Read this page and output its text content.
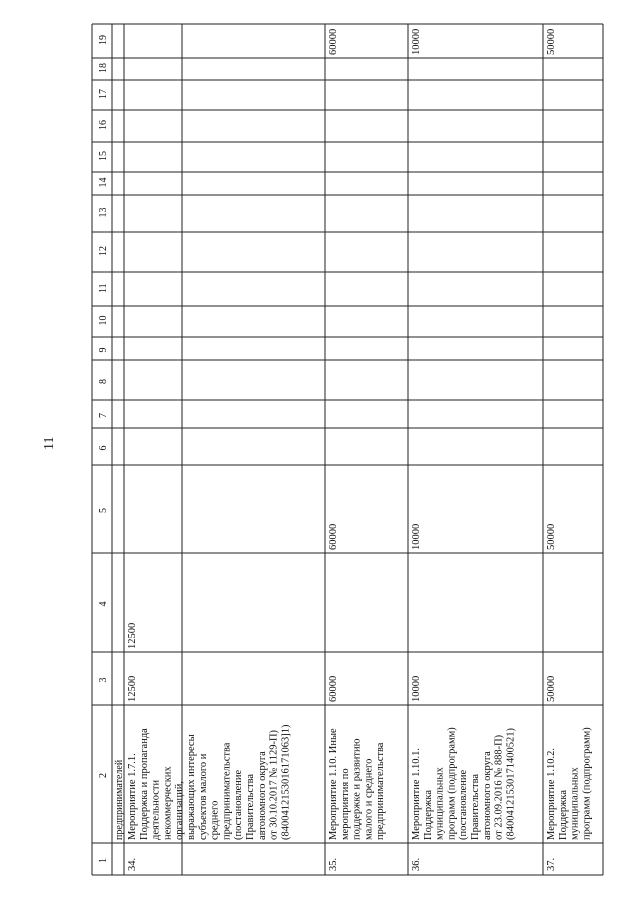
11
1
2
3
4
5
6
7
8
9
10
11
12
13
14
15
16
17
18
19
предпринимателей
34.
Мероприятие 1.7.1. Поддержка и пропаганда деятельности некоммерческих организаций, выражающих интересы субъектов малого и среднего предпринимательства (постановление Правительства автономного округа от 30.10.2017 № 1129-П) (8400412153016171063]1)
12500
12500
35.
Мероприятие 1.10. Иные мероприятия по поддержке и развитию малого и среднего предпринимательства
60000
60000
60000
36.
Мероприятие 1.10.1. Поддержка муниципальных программ (подпрограмм) (постановление Правительства автономного округа от 23.09.2016 № 888-П) (84004121530171400521)
10000
10000
10000
37.
Мероприятие 1.10.2. Поддержка муниципальных программ (подпрограмм)
50000
50000
50000
